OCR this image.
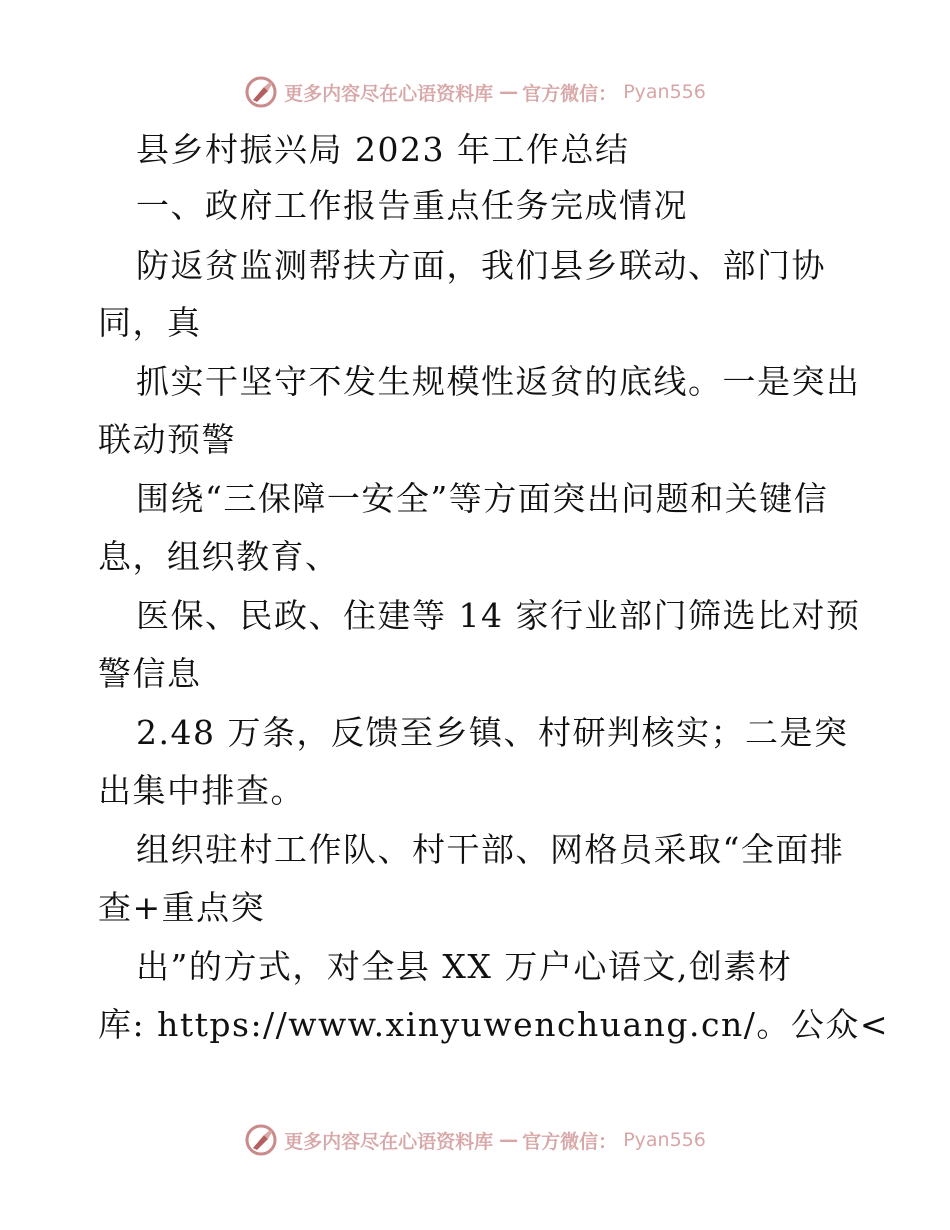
更多内容尽在心语资料库 — 官方微信： Pyan556
县乡村振兴局 2023 年工作总结
一、政府工作报告重点任务完成情况
防返贫监测帮扶方面，我们县乡联动、部门协
同，真
抓实干坚守不发生规模性返贫的底线。一是突出
联动预警
围绕“三保障一安全”等方面突出问题和关键信
息，组织教育、
医保、民政、住建等 14 家行业部门筛选比对预
警信息
2.48 万条，反馈至乡镇、村研判核实；二是突
出集中排查。
组织驻村工作队、村干部、网格员采取“全面排
查+重点突
出”的方式，对全县 XX 万户心语文,创素材
库: https://www.xinyuwenchuang.cn/。公众<
更多内容尽在心语资料库 — 官方微信： Pyan556
